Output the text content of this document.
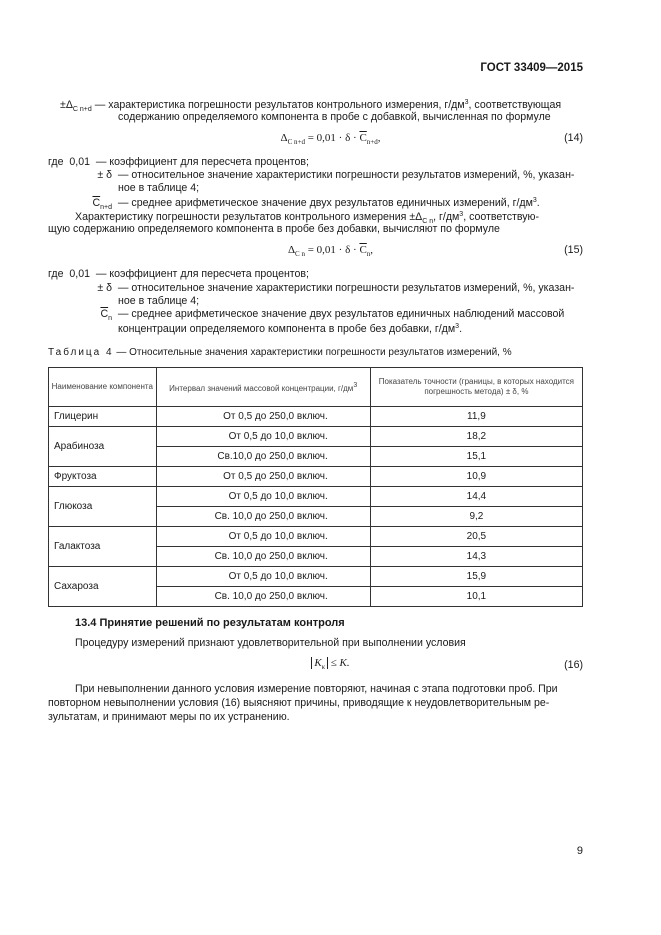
ГОСТ 33409—2015
$\pm\Delta_{C n+d}$ — характеристика погрешности результатов контрольного измерения, $г/дм^3$, соответствующая
содержанию определяемого компонента в пробе с добавкой, вычисленная по формуле
$\Delta_{C n+d} = 0,01 \cdot \delta \cdot \overline{C}_{n+d}$,	(14)
где 0,01 — коэффициент для пересчета процентов;
± δ — относительное значение характеристики погрешности результатов измерений, %, указан-
ное в таблице 4;
$\overline{C}_{n+d}$ — среднее арифметическое значение двух результатов единичных измерений, $г/дм^3$.
Характеристику погрешности результатов контрольного измерения $\pm\Delta_{C n}$, $г/дм^3$, соответствую-
щую содержанию определяемого компонента в пробе без добавки, вычисляют по формуле
$\Delta_{C n} = 0,01 \cdot \delta \cdot \overline{C}_n$,	(15)
где 0,01 — коэффициент для пересчета процентов;
± δ — относительное значение характеристики погрешности результатов измерений, %, указан-
ное в таблице 4;
$\overline{C}_n$ — среднее арифметическое значение двух результатов единичных наблюдений массовой
концентрации определяемого компонента в пробе без добавки, $г/дм^3$.
Таблица 4 — Относительные значения характеристики погрешности результатов измерений, %
Наименование компонента	Интервал значений массовой концентрации, г/дм3	Показатель точности (границы, в которых находится погрешность метода) ± δ, %
Глицерин	От 0,5 до 250,0 включ.	11,9
Арабиноза	От 0,5 до 10,0 включ.	18,2
	Св.10,0 до 250,0 включ.	15,1
Фруктоза	От 0,5 до 250,0 включ.	10,9
Глюкоза	От 0,5 до 10,0 включ.	14,4
	Св. 10,0 до 250,0 включ.	9,2
Галактоза	От 0,5 до 10,0 включ.	20,5
	Св. 10,0 до 250,0 включ.	14,3
Сахароза	От 0,5 до 10,0 включ.	15,9
	Св. 10,0 до 250,0 включ.	10,1
13.4 Принятие решений по результатам контроля
Процедуру измерений признают удовлетворительной при выполнении условия
$K_к \le K$.	(16)
При невыполнении данного условия измерение повторяют, начиная с этапа подготовки проб. При
повторном невыполнении условия (16) выясняют причины, приводящие к неудовлетворительным ре-
зультатам, и принимают меры по их устранению.
9
